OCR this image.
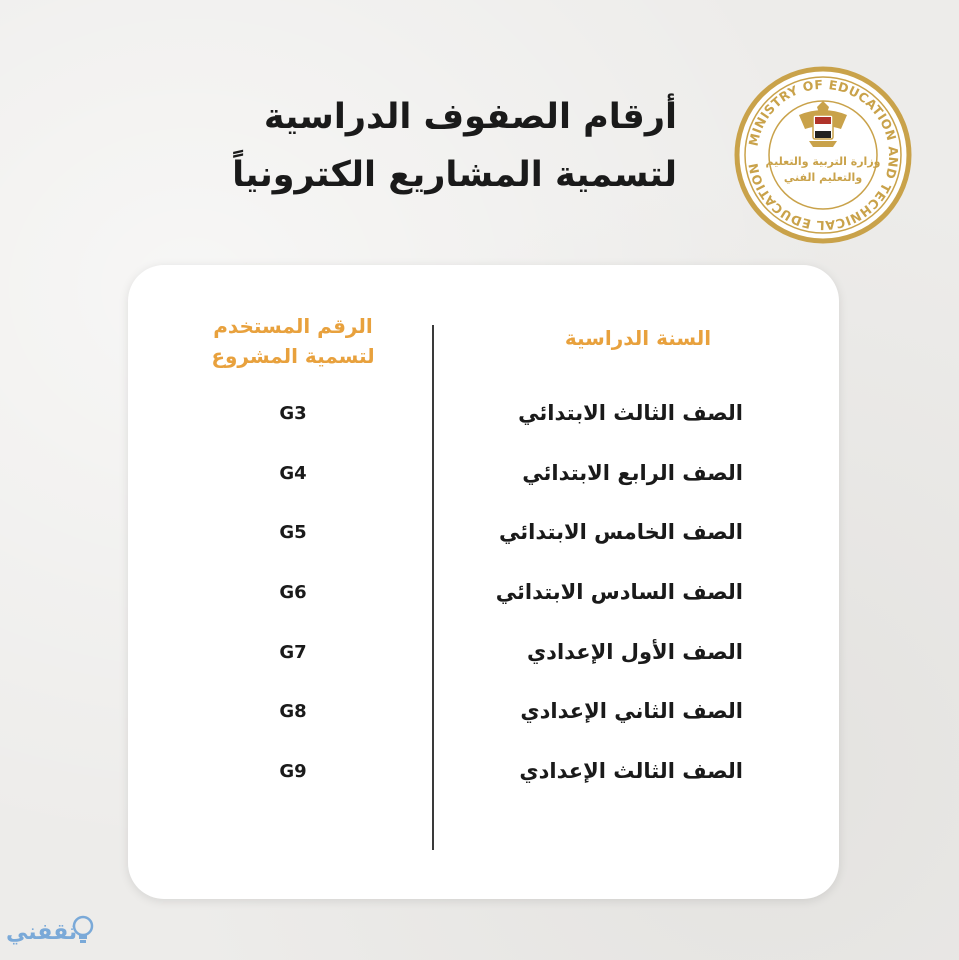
أرقام الصفوف الدراسية
لتسمية المشاريع الكترونياً
MINISTRY OF EDUCATION AND TECHNICAL EDUCATION
وزارة التربية والتعليم
والتعليم الفني
السنة الدراسية
الرقم المستخدم
لتسمية المشروع
الصف الثالث الابتدائي
G3
الصف الرابع الابتدائي
G4
الصف الخامس الابتدائي
G5
الصف السادس الابتدائي
G6
الصف الأول الإعدادي
G7
الصف الثاني الإعدادي
G8
الصف الثالث الإعدادي
G9
ثقفني
